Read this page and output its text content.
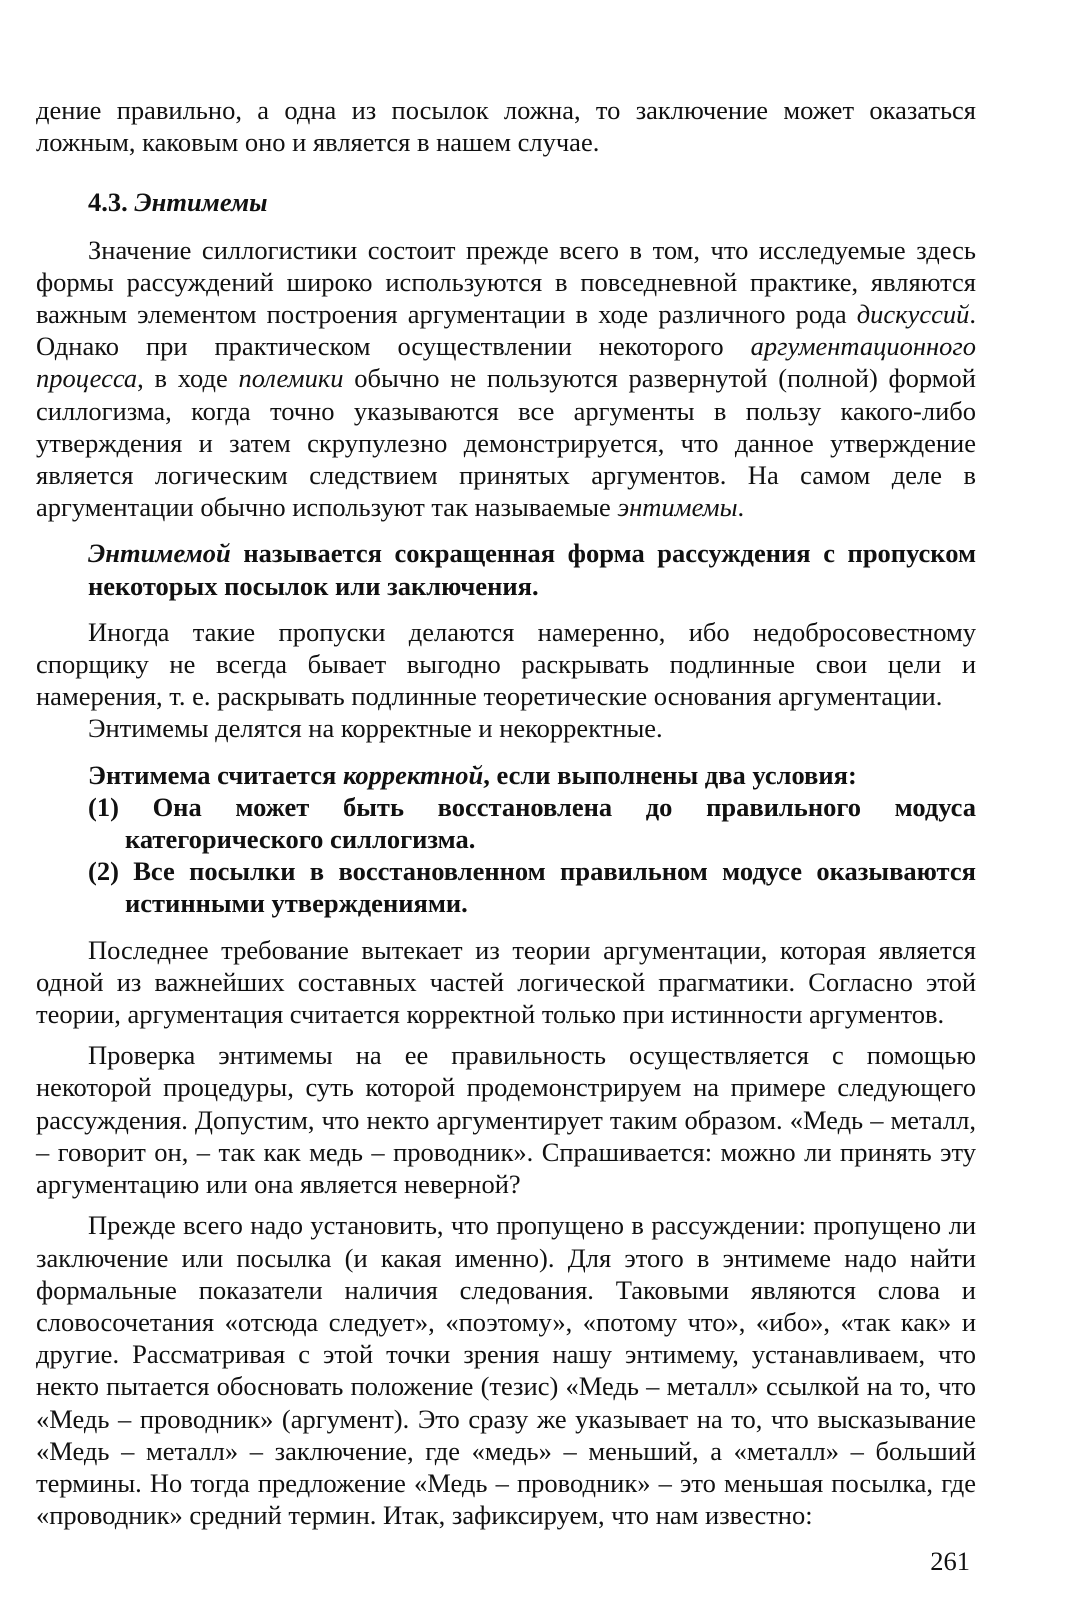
дение правильно, а одна из посылок ложна, то заключение может оказаться ложным, каковым оно и является в нашем случае.

4.3. Энтимемы

Значение силлогистики состоит прежде всего в том, что исследуемые здесь формы рассуждений широко используются в повседневной практике, являются важным элементом построения аргументации в ходе различного рода дискуссий. Однако при практическом осуществлении некоторого аргументационного процесса, в ходе полемики обычно не пользуются развернутой (полной) формой силлогизма, когда точно указываются все аргументы в пользу какого-либо утверждения и затем скрупулезно демонстрируется, что данное утверждение является логическим следствием принятых аргументов. На самом деле в аргументации обычно используют так называемые энтимемы.

Энтимемой называется сокращенная форма рассуждения с пропуском некоторых посылок или заключения.

Иногда такие пропуски делаются намеренно, ибо недобросовестному спорщику не всегда бывает выгодно раскрывать подлинные свои цели и намерения, т. е. раскрывать подлинные теоретические основания аргументации.

Энтимемы делятся на корректные и некорректные.

Энтимема считается корректной, если выполнены два условия:

(1) Она может быть восстановлена до правильного модуса категорического силлогизма.

(2) Все посылки в восстановленном правильном модусе оказываются истинными утверждениями.

Последнее требование вытекает из теории аргументации, которая является одной из важнейших составных частей логической прагматики. Согласно этой теории, аргументация считается корректной только при истинности аргументов.

Проверка энтимемы на ее правильность осуществляется с помощью некоторой процедуры, суть которой продемонстрируем на примере следующего рассуждения. Допустим, что некто аргументирует таким образом. «Медь – металл, – говорит он, – так как медь – проводник». Спрашивается: можно ли принять эту аргументацию или она является неверной?

Прежде всего надо установить, что пропущено в рассуждении: пропущено ли заключение или посылка (и какая именно). Для этого в энтимеме надо найти формальные показатели наличия следования. Таковыми являются слова и словосочетания «отсюда следует», «поэтому», «потому что», «ибо», «так как» и другие. Рассматривая с этой точки зрения нашу энтимему, устанавливаем, что некто пытается обосновать положение (тезис) «Медь – металл» ссылкой на то, что «Медь – проводник» (аргумент). Это сразу же указывает на то, что высказывание «Медь – металл» – заключение, где «медь» – меньший, а «металл» – больший термины. Но тогда предложение «Медь – проводник» – это меньшая посылка, где «проводник» средний термин. Итак, зафиксируем, что нам известно:

261
